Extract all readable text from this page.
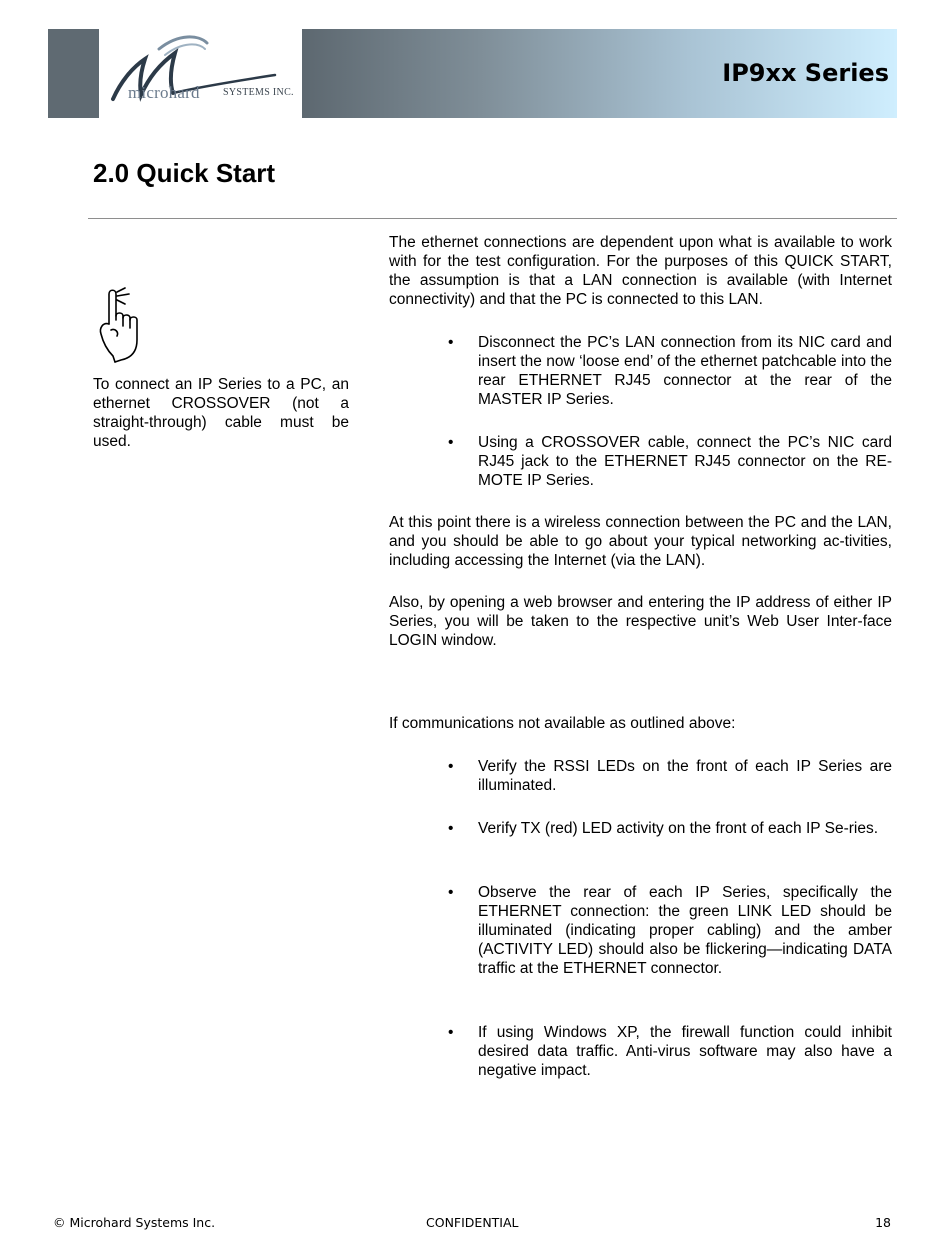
microhard SYSTEMS INC.
IP9xx Series
2.0 Quick Start
To connect an IP Series to a PC, an ethernet CROSSOVER (not a straight-through) cable must be used.

The ethernet connections are dependent upon what is available to work with for the test configuration. For the purposes of this QUICK START, the assumption is that a LAN connection is available (with Internet connectivity) and that the PC is connected to this LAN.

• Disconnect the PC’s LAN connection from its NIC card and insert the now ‘loose end’ of the ethernet patchcable into the rear ETHERNET RJ45 connector at the rear of the MASTER IP Series.
• Using a CROSSOVER cable, connect the PC’s NIC card RJ45 jack to the ETHERNET RJ45 connector on the RE-MOTE IP Series.

At this point there is a wireless connection between the PC and the LAN, and you should be able to go about your typical networking ac-tivities, including accessing the Internet (via the LAN).

Also, by opening a web browser and entering the IP address of either IP Series, you will be taken to the respective unit’s Web User Inter-face LOGIN window.

If communications not available as outlined above:

• Verify the RSSI LEDs on the front of each IP Series are illuminated.
• Verify TX (red) LED activity on the front of each IP Se-ries.
• Observe the rear of each IP Series, specifically the ETHERNET connection: the green LINK LED should be illuminated (indicating proper cabling) and the amber (ACTIVITY LED) should also be flickering—indicating DATA traffic at the ETHERNET connector.
• If using Windows XP, the firewall function could inhibit desired data traffic. Anti-virus software may also have a negative impact.
© Microhard Systems Inc.	CONFIDENTIAL	18
